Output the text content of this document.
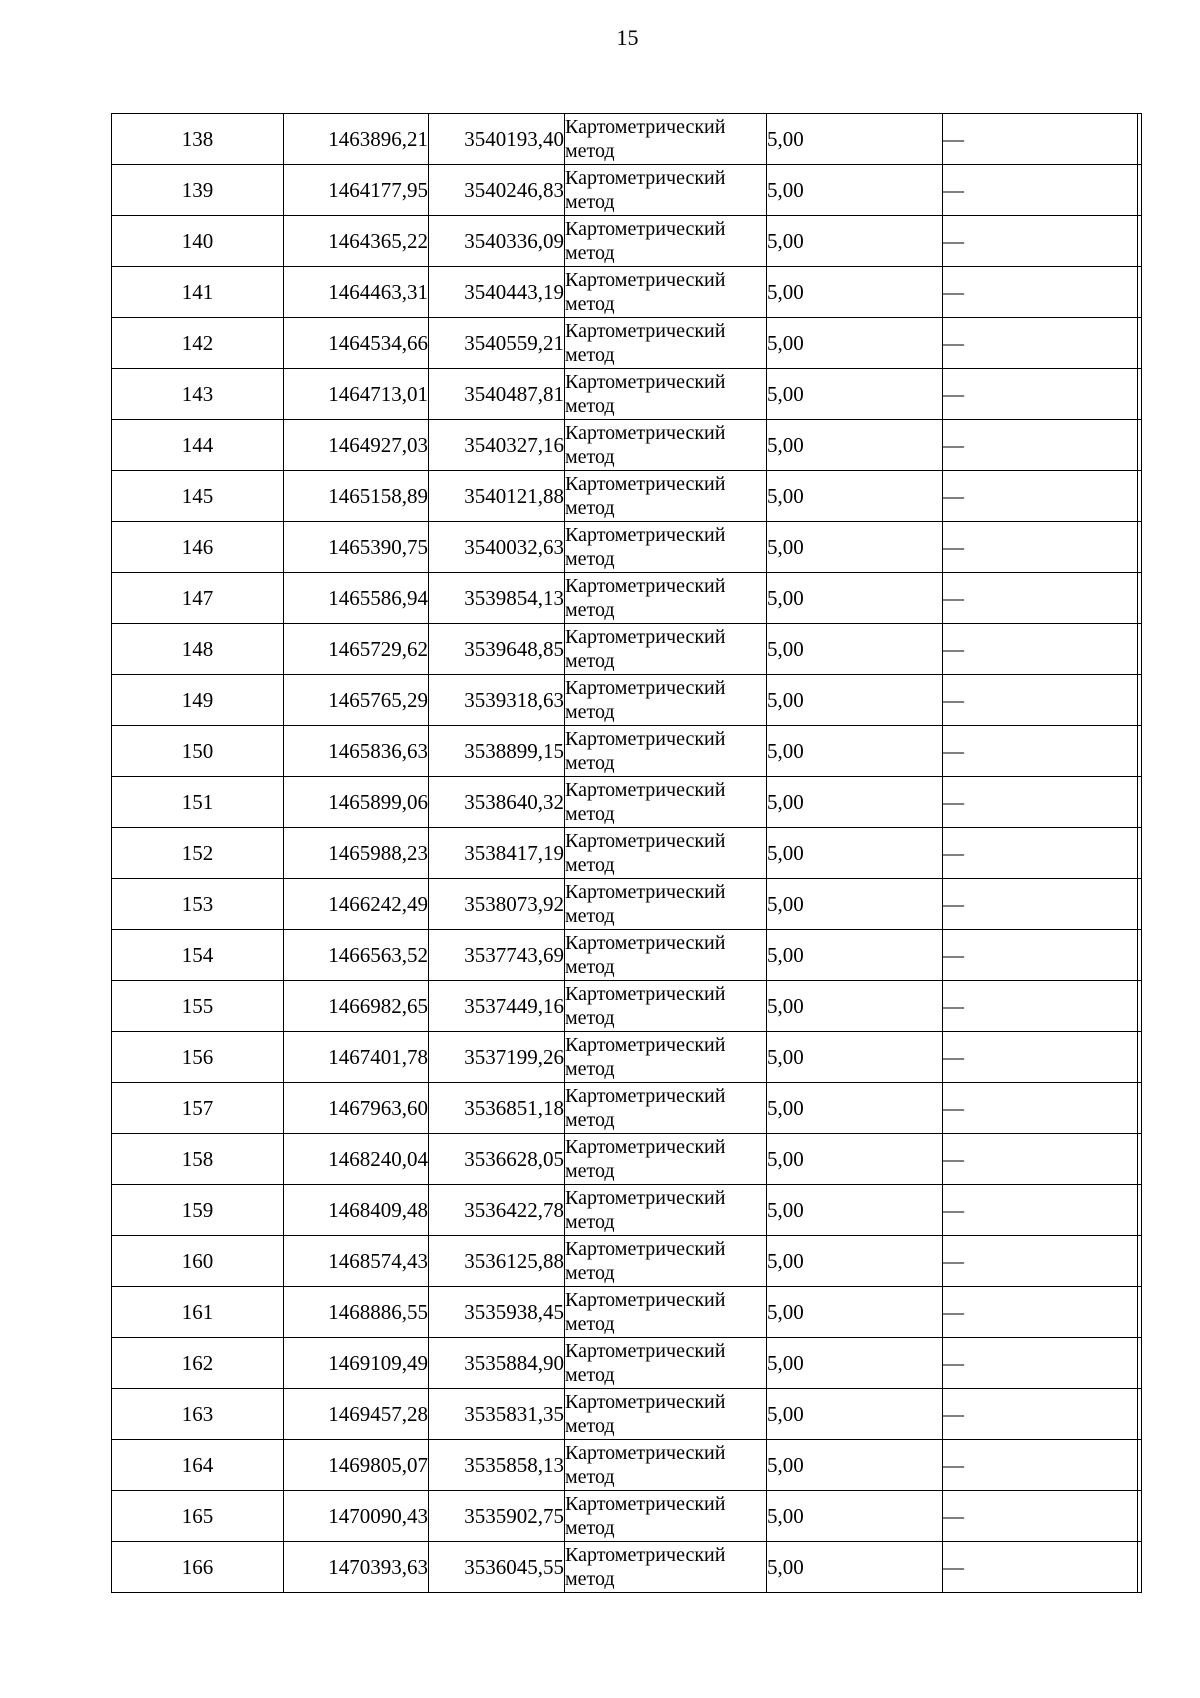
15
138	1463896,21	3540193,40	Картометрический
метод	5,00	—	
139	1464177,95	3540246,83	Картометрический
метод	5,00	—	
140	1464365,22	3540336,09	Картометрический
метод	5,00	—	
141	1464463,31	3540443,19	Картометрический
метод	5,00	—	
142	1464534,66	3540559,21	Картометрический
метод	5,00	—	
143	1464713,01	3540487,81	Картометрический
метод	5,00	—	
144	1464927,03	3540327,16	Картометрический
метод	5,00	—	
145	1465158,89	3540121,88	Картометрический
метод	5,00	—	
146	1465390,75	3540032,63	Картометрический
метод	5,00	—	
147	1465586,94	3539854,13	Картометрический
метод	5,00	—	
148	1465729,62	3539648,85	Картометрический
метод	5,00	—	
149	1465765,29	3539318,63	Картометрический
метод	5,00	—	
150	1465836,63	3538899,15	Картометрический
метод	5,00	—	
151	1465899,06	3538640,32	Картометрический
метод	5,00	—	
152	1465988,23	3538417,19	Картометрический
метод	5,00	—	
153	1466242,49	3538073,92	Картометрический
метод	5,00	—	
154	1466563,52	3537743,69	Картометрический
метод	5,00	—	
155	1466982,65	3537449,16	Картометрический
метод	5,00	—	
156	1467401,78	3537199,26	Картометрический
метод	5,00	—	
157	1467963,60	3536851,18	Картометрический
метод	5,00	—	
158	1468240,04	3536628,05	Картометрический
метод	5,00	—	
159	1468409,48	3536422,78	Картометрический
метод	5,00	—	
160	1468574,43	3536125,88	Картометрический
метод	5,00	—	
161	1468886,55	3535938,45	Картометрический
метод	5,00	—	
162	1469109,49	3535884,90	Картометрический
метод	5,00	—	
163	1469457,28	3535831,35	Картометрический
метод	5,00	—	
164	1469805,07	3535858,13	Картометрический
метод	5,00	—	
165	1470090,43	3535902,75	Картометрический
метод	5,00	—	
166	1470393,63	3536045,55	Картометрический
метод	5,00	—	
